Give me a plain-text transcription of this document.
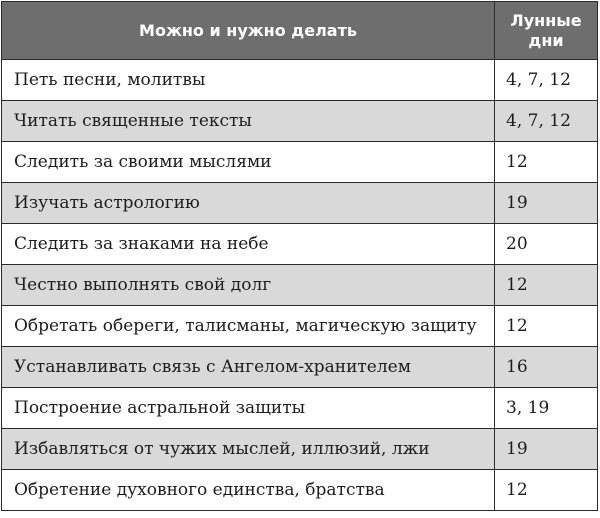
Можно и нужно делать	Лунные
дни
Петь песни, молитвы	4, 7, 12
Читать священные тексты	4, 7, 12
Следить за своими мыслями	12
Изучать астрологию	19
Следить за знаками на небе	20
Честно выполнять свой долг	12
Обретать обереги, талисманы, магическую защиту	12
Устанавливать связь с Ангелом-хранителем	16
Построение астральной защиты	3, 19
Избавляться от чужих мыслей, иллюзий, лжи	19
Обретение духовного единства, братства	12
